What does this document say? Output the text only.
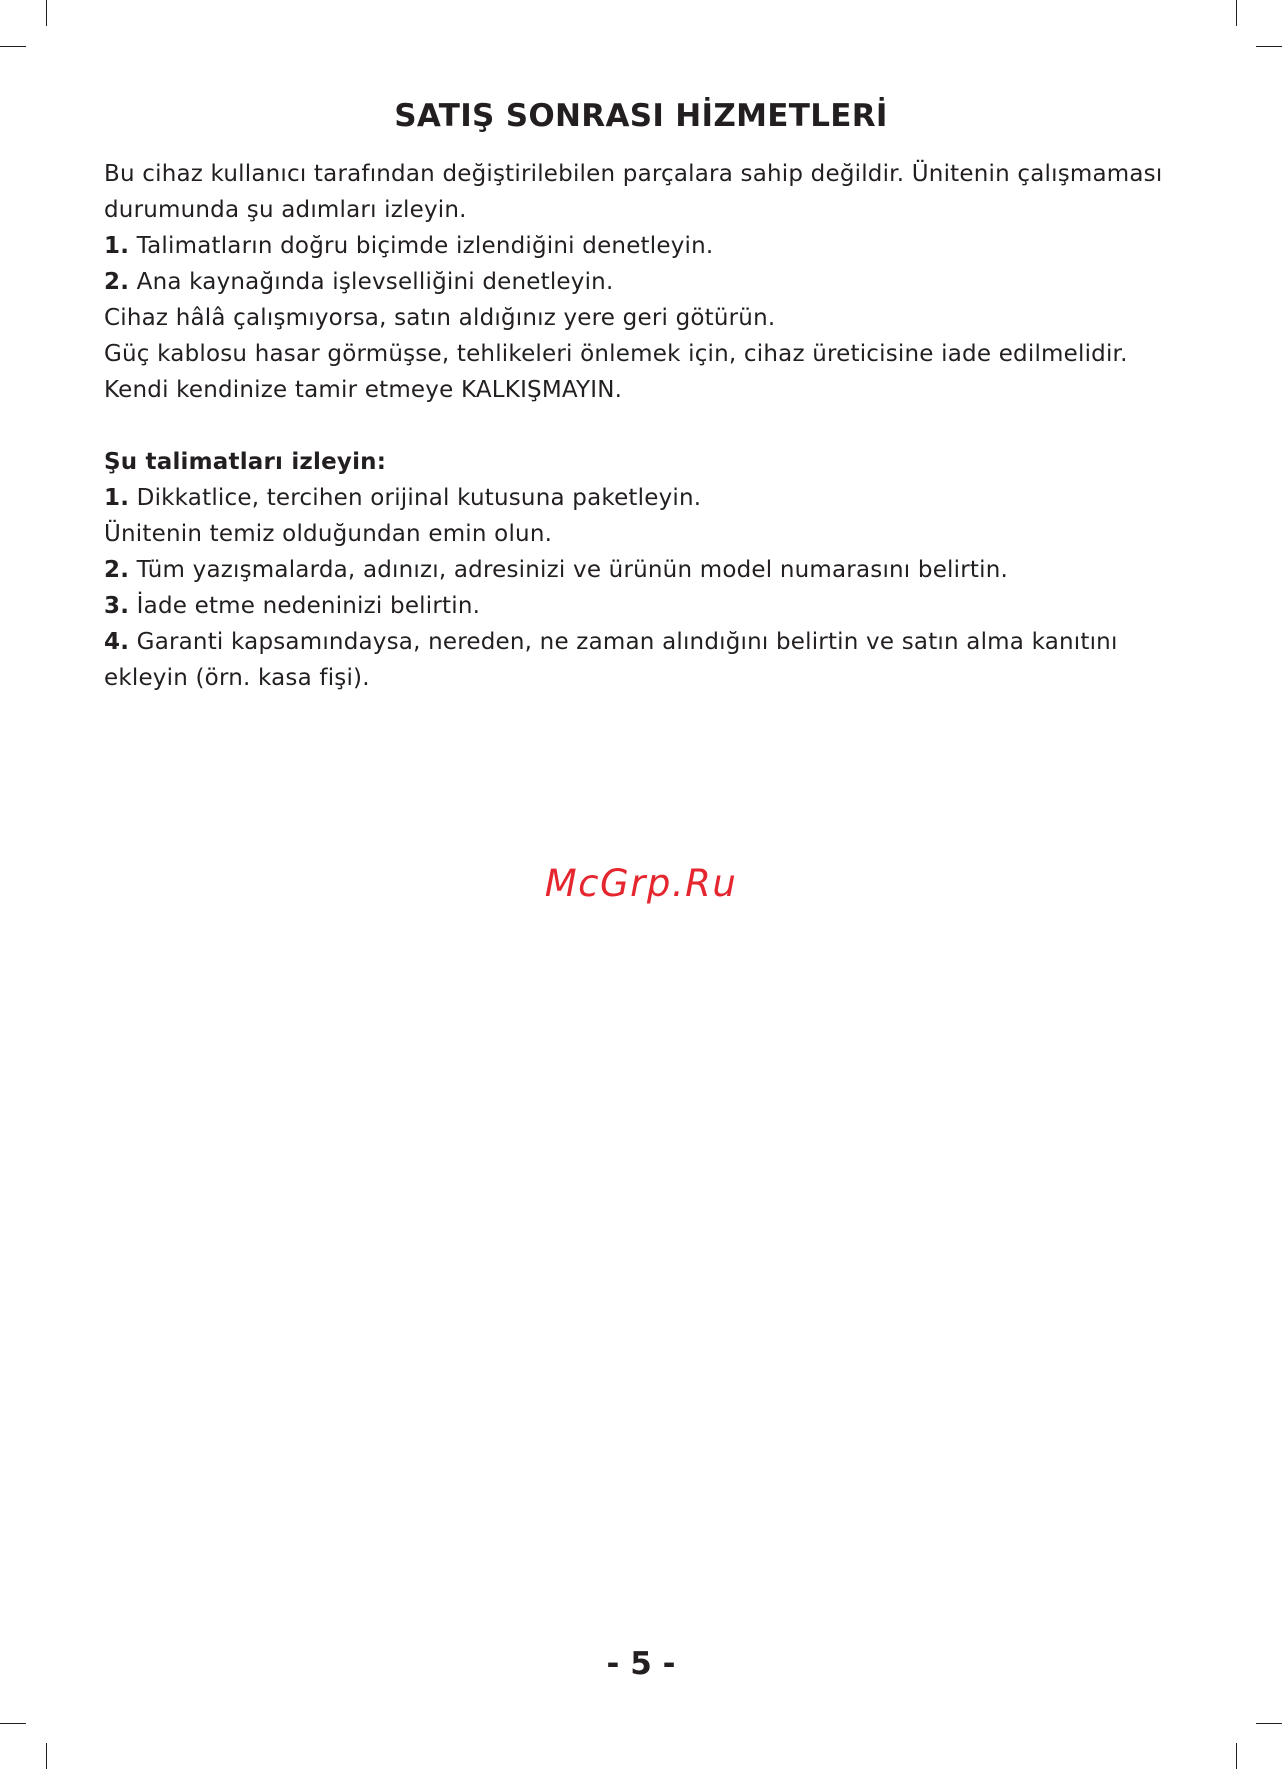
SATIŞ SONRASI HİZMETLERİ

Bu cihaz kullanıcı tarafından değiştirilebilen parçalara sahip değildir. Ünitenin çalışmaması

durumunda şu adımları izleyin.

1. Talimatların doğru biçimde izlendiğini denetleyin.

2. Ana kaynağında işlevselliğini denetleyin.

Cihaz hâlâ çalışmıyorsa, satın aldığınız yere geri götürün.

Güç kablosu hasar görmüşse, tehlikeleri önlemek için, cihaz üreticisine iade edilmelidir.

Kendi kendinize tamir etmeye KALKIŞMAYIN.

Şu talimatları izleyin:

1. Dikkatlice, tercihen orijinal kutusuna paketleyin.

Ünitenin temiz olduğundan emin olun.

2. Tüm yazışmalarda, adınızı, adresinizi ve ürünün model numarasını belirtin.

3. İade etme nedeninizi belirtin.

4. Garanti kapsamındaysa, nereden, ne zaman alındığını belirtin ve satın alma kanıtını

ekleyin (örn. kasa fişi).

McGrp.Ru
- 5 -
